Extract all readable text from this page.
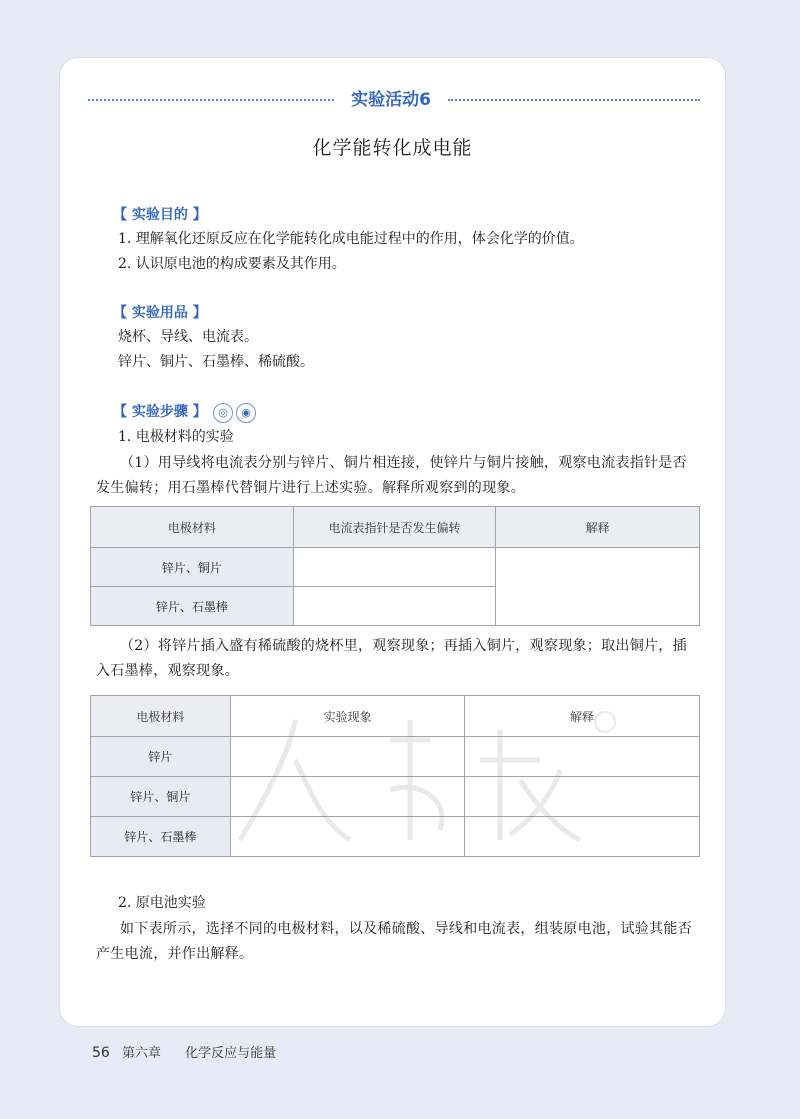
实验活动6
化学能转化成电能
【 实验目的 】
1. 理解氧化还原反应在化学能转化成电能过程中的作用，体会化学的价值。
2. 认识原电池的构成要素及其作用。
【 实验用品 】
烧杯、导线、电流表。
锌片、铜片、石墨棒、稀硫酸。
【 实验步骤 】	◎ ◉
1. 电极材料的实验
（1）用导线将电流表分别与锌片、铜片相连接，使锌片与铜片接触，观察电流表指针是否发生偏转；用石墨棒代替铜片进行上述实验。解释所观察到的现象。
电极材料	电流表指针是否发生偏转	解释
锌片、铜片		
锌片、石墨棒		
（2）将锌片插入盛有稀硫酸的烧杯里，观察现象；再插入铜片，观察现象；取出铜片，插入石墨棒，观察现象。
电极材料	实验现象	解释
锌片		
锌片、铜片		
锌片、石墨棒		
2. 原电池实验
如下表所示，选择不同的电极材料，以及稀硫酸、导线和电流表，组装原电池，试验其能否产生电流，并作出解释。
56 第六章 化学反应与能量
